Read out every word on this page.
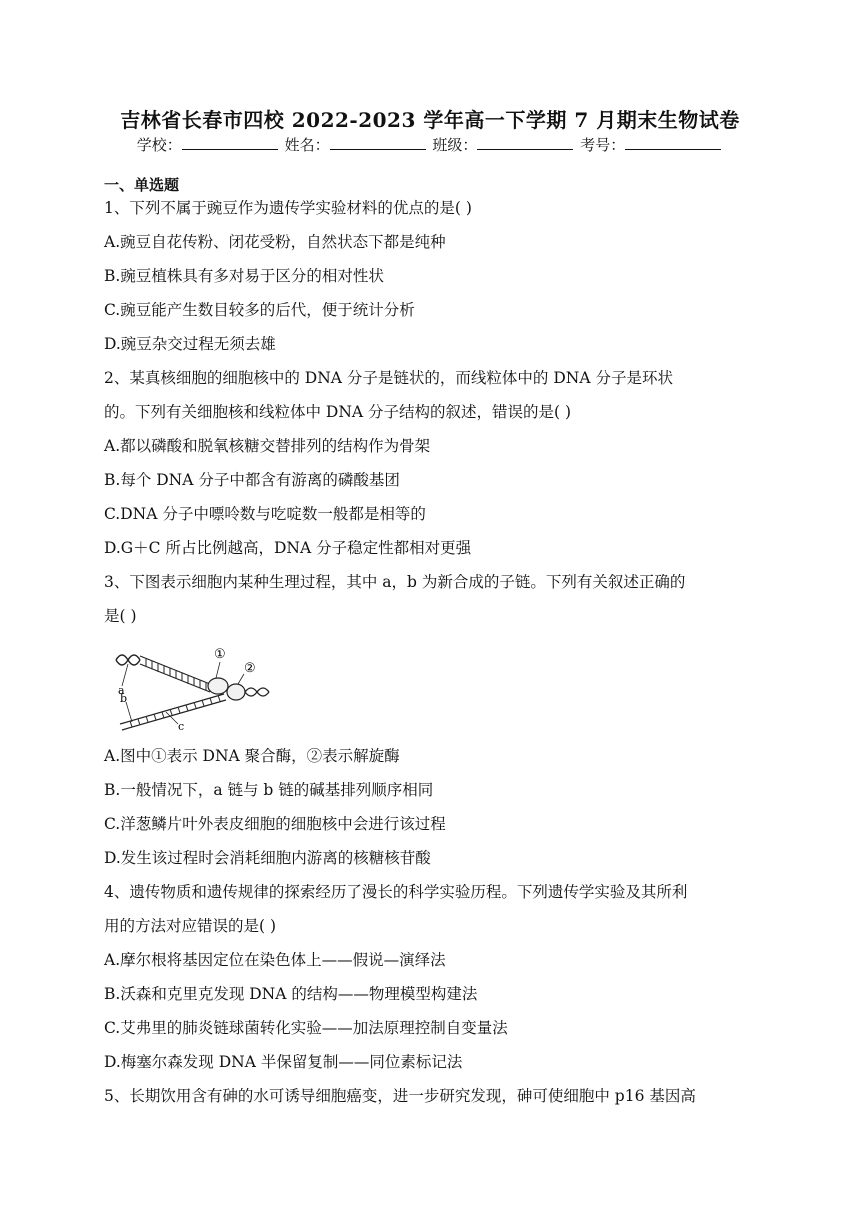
吉林省长春市四校 2022-2023 学年高一下学期 7 月期末生物试卷
学校：	姓名：	班级：	考号：
一、单选题
1、下列不属于豌豆作为遗传学实验材料的优点的是( )
A.豌豆自花传粉、闭花受粉，自然状态下都是纯种
B.豌豆植株具有多对易于区分的相对性状
C.豌豆能产生数目较多的后代，便于统计分析
D.豌豆杂交过程无须去雄
2、某真核细胞的细胞核中的 DNA 分子是链状的，而线粒体中的 DNA 分子是环状
的。下列有关细胞核和线粒体中 DNA 分子结构的叙述，错误的是( )
A.都以磷酸和脱氧核糖交替排列的结构作为骨架
B.每个 DNA 分子中都含有游离的磷酸基团
C.DNA 分子中嘌呤数与吃啶数一般都是相等的
D.G＋C 所占比例越高，DNA 分子稳定性都相对更强
3、下图表示细胞内某种生理过程，其中 a，b 为新合成的子链。下列有关叙述正确的
是( )
①
②
a
b
c
A.图中①表示 DNA 聚合酶，②表示解旋酶
B.一般情况下，a 链与 b 链的碱基排列顺序相同
C.洋葱鳞片叶外表皮细胞的细胞核中会进行该过程
D.发生该过程时会消耗细胞内游离的核糖核苷酸
4、遗传物质和遗传规律的探索经历了漫长的科学实验历程。下列遗传学实验及其所利
用的方法对应错误的是( )
A.摩尔根将基因定位在染色体上——假说—演绎法
B.沃森和克里克发现 DNA 的结构——物理模型构建法
C.艾弗里的肺炎链球菌转化实验——加法原理控制自变量法
D.梅塞尔森发现 DNA 半保留复制——同位素标记法
5、长期饮用含有砷的水可诱导细胞癌变，进一步研究发现，砷可使细胞中 p16 基因高
